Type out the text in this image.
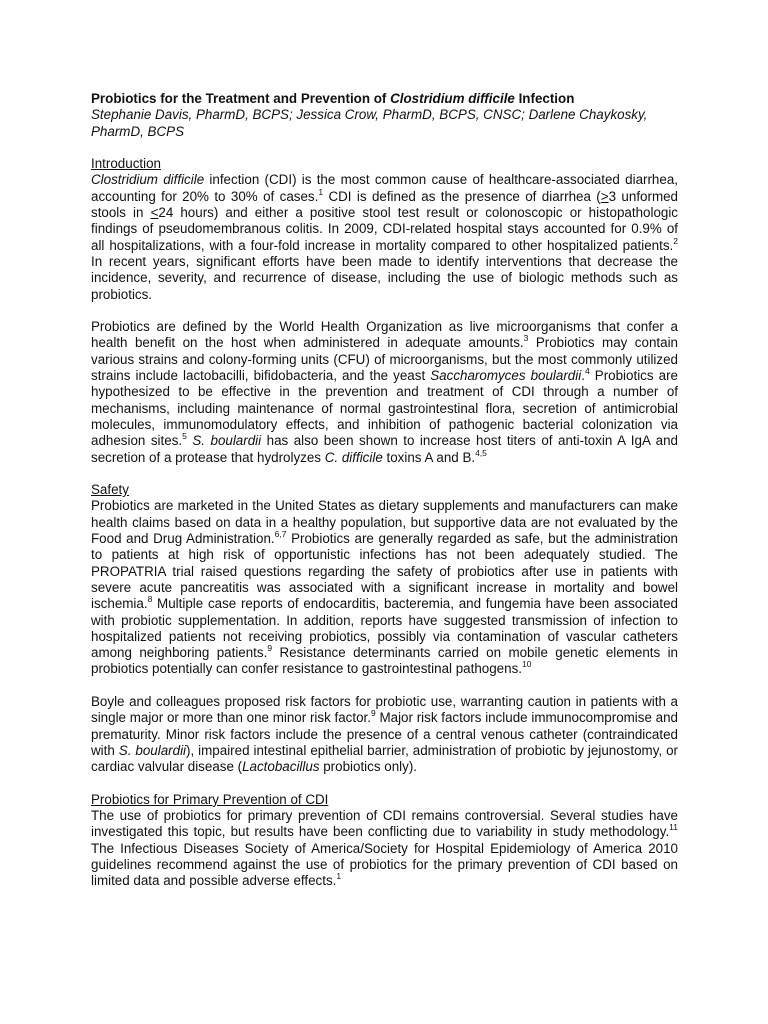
Probiotics for the Treatment and Prevention of Clostridium difficile Infection

Stephanie Davis, PharmD, BCPS; Jessica Crow, PharmD, BCPS, CNSC; Darlene Chaykosky, PharmD, BCPS

Introduction

Clostridium difficile infection (CDI) is the most common cause of healthcare-associated diarrhea, accounting for 20% to 30% of cases.$^1$ CDI is defined as the presence of diarrhea (≥3 unformed stools in ≤24 hours) and either a positive stool test result or colonoscopic or histopathologic findings of pseudomembranous colitis. In 2009, CDI-related hospital stays accounted for 0.9% of all hospitalizations, with a four-fold increase in mortality compared to other hospitalized patients.$^2$ In recent years, significant efforts have been made to identify interventions that decrease the incidence, severity, and recurrence of disease, including the use of biologic methods such as probiotics.

Probiotics are defined by the World Health Organization as live microorganisms that confer a health benefit on the host when administered in adequate amounts.$^3$ Probiotics may contain various strains and colony-forming units (CFU) of microorganisms, but the most commonly utilized strains include lactobacilli, bifidobacteria, and the yeast Saccharomyces boulardii.$^4$ Probiotics are hypothesized to be effective in the prevention and treatment of CDI through a number of mechanisms, including maintenance of normal gastrointestinal flora, secretion of antimicrobial molecules, immunomodulatory effects, and inhibition of pathogenic bacterial colonization via adhesion sites.$^5$ S. boulardii has also been shown to increase host titers of anti-toxin A IgA and secretion of a protease that hydrolyzes C. difficile toxins A and B.$^{4,5}$

Safety

Probiotics are marketed in the United States as dietary supplements and manufacturers can make health claims based on data in a healthy population, but supportive data are not evaluated by the Food and Drug Administration.$^{6,7}$ Probiotics are generally regarded as safe, but the administration to patients at high risk of opportunistic infections has not been adequately studied. The PROPATRIA trial raised questions regarding the safety of probiotics after use in patients with severe acute pancreatitis was associated with a significant increase in mortality and bowel ischemia.$^8$ Multiple case reports of endocarditis, bacteremia, and fungemia have been associated with probiotic supplementation. In addition, reports have suggested transmission of infection to hospitalized patients not receiving probiotics, possibly via contamination of vascular catheters among neighboring patients.$^9$ Resistance determinants carried on mobile genetic elements in probiotics potentially can confer resistance to gastrointestinal pathogens.$^{10}$

Boyle and colleagues proposed risk factors for probiotic use, warranting caution in patients with a single major or more than one minor risk factor.$^9$ Major risk factors include immunocompromise and prematurity. Minor risk factors include the presence of a central venous catheter (contraindicated with S. boulardii), impaired intestinal epithelial barrier, administration of probiotic by jejunostomy, or cardiac valvular disease (Lactobacillus probiotics only).

Probiotics for Primary Prevention of CDI

The use of probiotics for primary prevention of CDI remains controversial. Several studies have investigated this topic, but results have been conflicting due to variability in study methodology.$^{11}$ The Infectious Diseases Society of America/Society for Hospital Epidemiology of America 2010 guidelines recommend against the use of probiotics for the primary prevention of CDI based on limited data and possible adverse effects.$^1$
